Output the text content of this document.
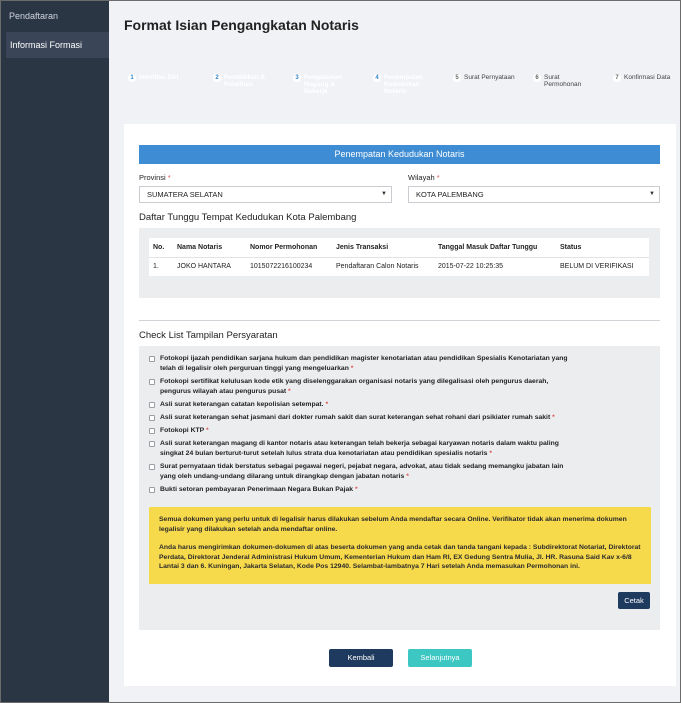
Pendaftaran
Informasi Formasi
Format Isian Pengangkatan Notaris
1 Identitas Diri	2 Pendidikan & Pelatihan
3 Pengalaman Magang & Bekerja
4 Penempatan Kedudukan Notaris
5 Surat Pernyataan	6 Surat Permohonan
7 Konfirmasi Data
Penempatan Kedudukan Notaris
Provinsi *
SUMATERA SELATAN	▼
Wilayah *
KOTA PALEMBANG	▼
Daftar Tunggu Tempat Kedudukan Kota Palembang
No.	Nama Notaris	Nomor Permohonan	Jenis Transaksi	Tanggal Masuk Daftar Tunggu	Status
1.	JOKO HANTARA	1015072216100234	Pendaftaran Calon Notaris	2015-07-22 10:25:35	BELUM DI VERIFIKASI
Check List Tampilan Persyaratan
Fotokopi ijazah pendidikan sarjana hukum dan pendidikan magister kenotariatan atau pendidikan Spesialis Kenotariatan yang telah di legalisir oleh perguruan tinggi yang mengeluarkan *
Fotokopi sertifikat kelulusan kode etik yang diselenggarakan organisasi notaris yang dilegalisasi oleh pengurus daerah, pengurus wilayah atau pengurus pusat *
Asli surat keterangan catatan kepolisian setempat. *
Asli surat keterangan sehat jasmani dari dokter rumah sakit dan surat keterangan sehat rohani dari psikiater rumah sakit *
Fotokopi KTP *
Asli surat keterangan magang di kantor notaris atau keterangan telah bekerja sebagai karyawan notaris dalam waktu paling singkat 24 bulan berturut-turut setelah lulus strata dua kenotariatan atau pendidikan spesialis notaris *
Surat pernyataan tidak berstatus sebagai pegawai negeri, pejabat negara, advokat, atau tidak sedang memangku jabatan lain yang oleh undang-undang dilarang untuk dirangkap dengan jabatan notaris *
Bukti setoran pembayaran Penerimaan Negara Bukan Pajak *

Semua dokumen yang perlu untuk di legalisir harus dilakukan sebelum Anda mendaftar secara Online. Verifikator tidak akan menerima dokumen legalisir yang dilakukan setelah anda mendaftar online.

Anda harus mengirimkan dokumen-dokumen di atas beserta dokumen yang anda cetak dan tanda tangani kepada : Subdirektorat Notariat, Direktorat Perdata, Direktorat Jenderal Administrasi Hukum Umum, Kementerian Hukum dan Ham RI, EX Gedung Sentra Mulia, Jl. HR. Rasuna Said Kav x-6/8 Lantai 3 dan 6. Kuningan, Jakarta Selatan, Kode Pos 12940. Selambat-lambatnya 7 Hari setelah Anda memasukan Permohonan ini.

Cetak
Kembali	Selanjutnya
